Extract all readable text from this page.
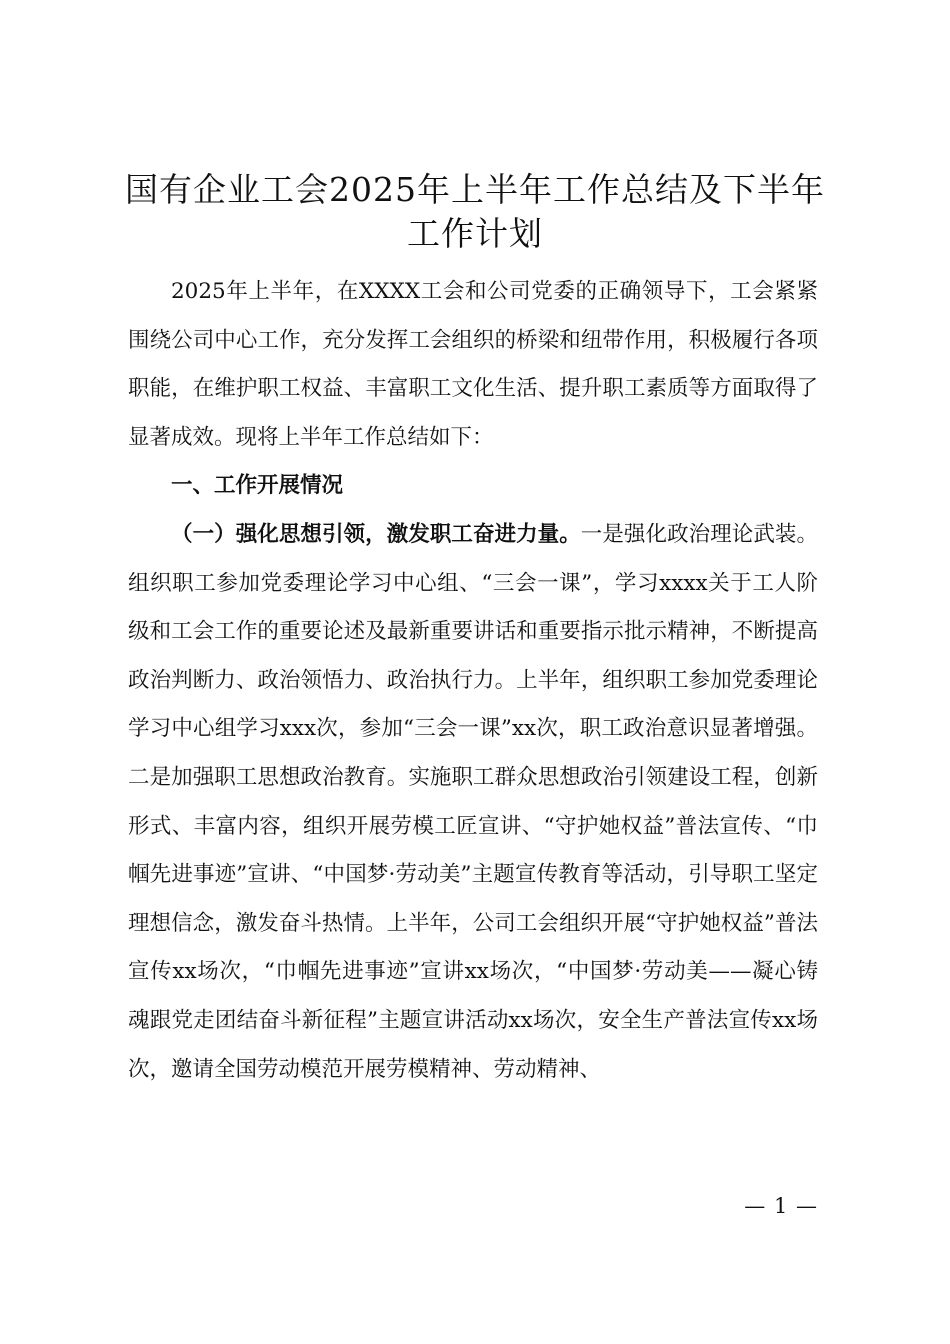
国有企业工会2025年上半年工作总结及下半年工作计划

2025年上半年，在XXXX工会和公司党委的正确领导下，工会紧紧围绕公司中心工作，充分发挥工会组织的桥梁和纽带作用，积极履行各项职能，在维护职工权益、丰富职工文化生活、提升职工素质等方面取得了显著成效。现将上半年工作总结如下：

一、工作开展情况

（一）强化思想引领，激发职工奋进力量。一是强化政治理论武装。组织职工参加党委理论学习中心组、“三会一课”，学习xxxx关于工人阶级和工会工作的重要论述及最新重要讲话和重要指示批示精神，不断提高政治判断力、政治领悟力、政治执行力。上半年，组织职工参加党委理论学习中心组学习xxx次，参加“三会一课”xx次，职工政治意识显著增强。二是加强职工思想政治教育。实施职工群众思想政治引领建设工程，创新形式、丰富内容，组织开展劳模工匠宣讲、“守护她权益”普法宣传、“巾帼先进事迹”宣讲、“中国梦·劳动美”主题宣传教育等活动，引导职工坚定理想信念，激发奋斗热情。上半年，公司工会组织开展“守护她权益”普法宣传xx场次，“巾帼先进事迹”宣讲xx场次，“中国梦·劳动美——凝心铸魂跟党走团结奋斗新征程”主题宣讲活动xx场次，安全生产普法宣传xx场次，邀请全国劳动模范开展劳模精神、劳动精神、

— 1 —
